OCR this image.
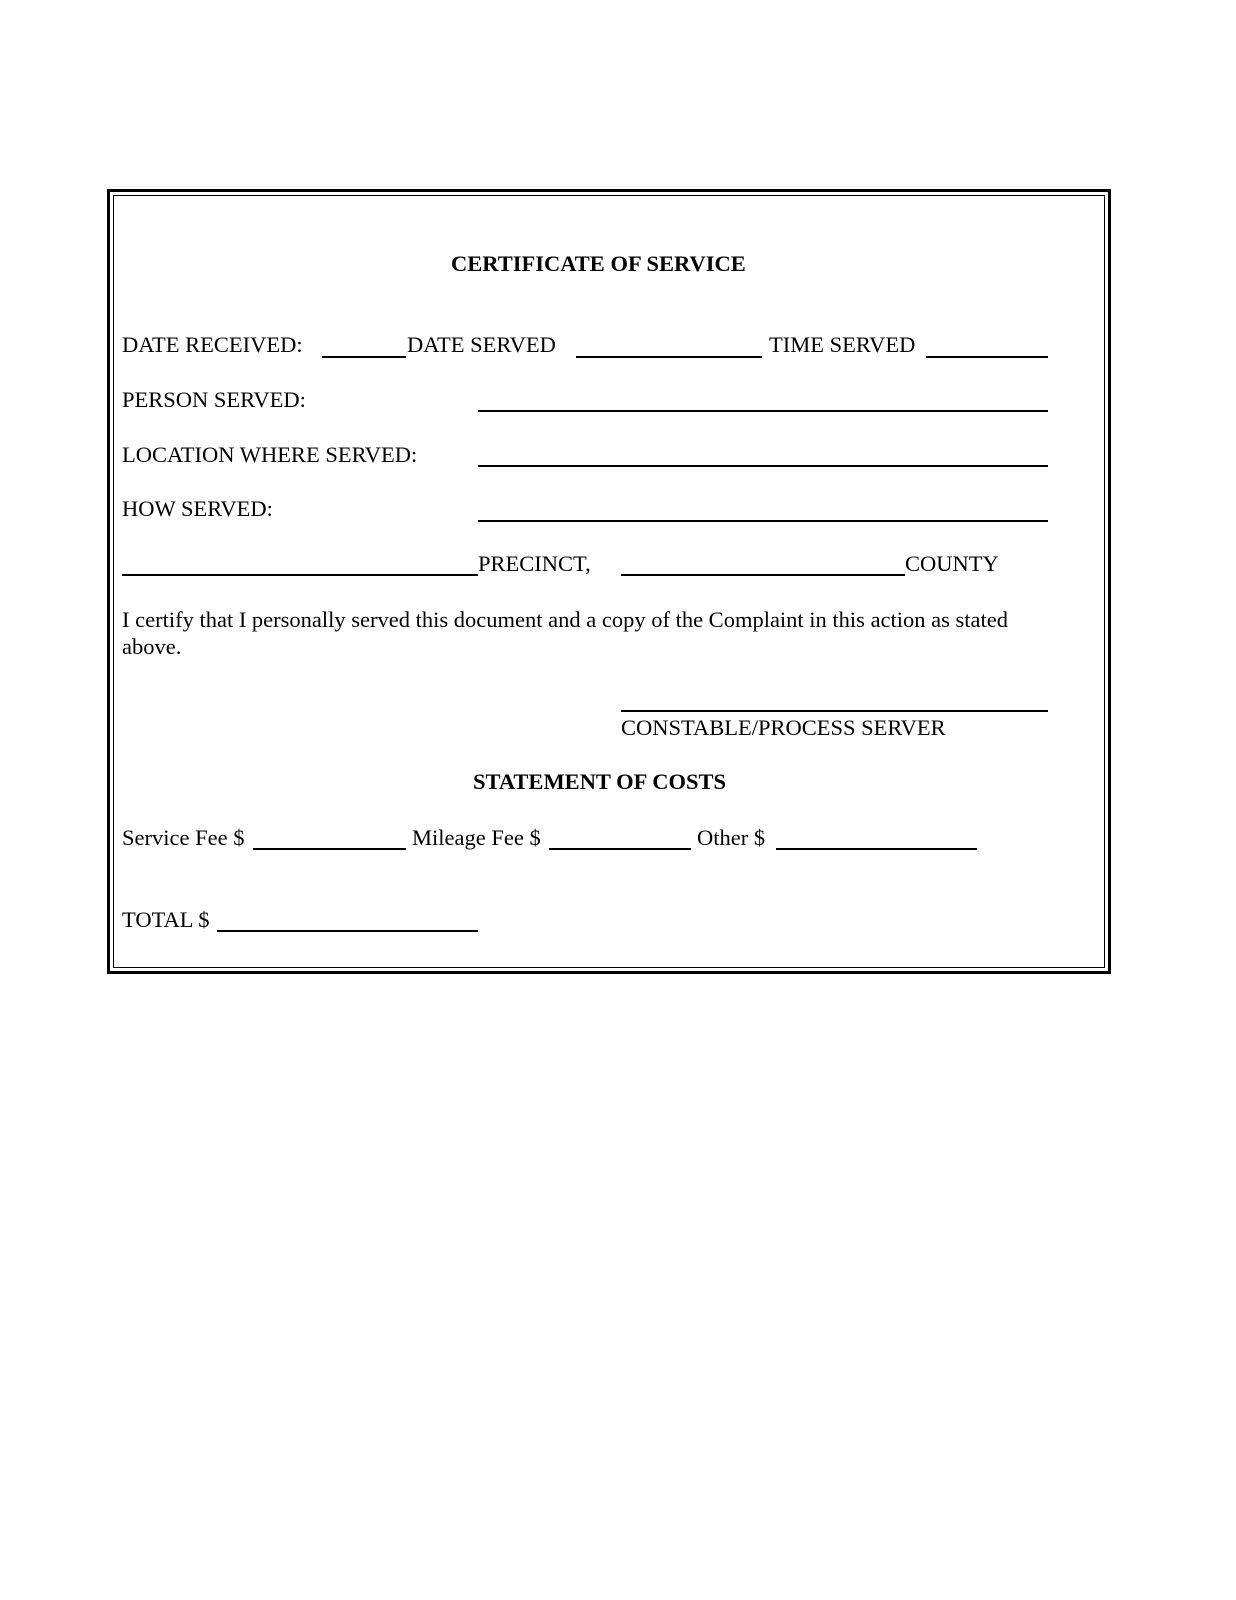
CERTIFICATE OF SERVICE
DATE RECEIVED:	DATE SERVED	TIME SERVED
PERSON SERVED:
LOCATION WHERE SERVED:
HOW SERVED:
PRECINCT,	COUNTY
I certify that I personally served this document and a copy of the Complaint in this action as stated above.
CONSTABLE/PROCESS SERVER
STATEMENT OF COSTS
Service Fee $	Mileage Fee $	Other $
TOTAL $
